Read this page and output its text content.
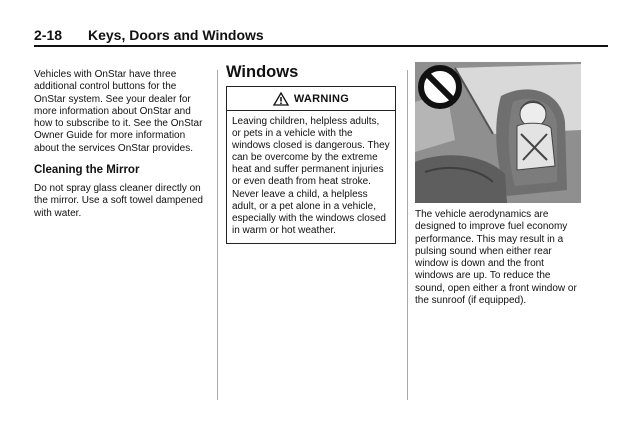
2-18 Keys, Doors and Windows

Vehicles with OnStar have three additional control buttons for the OnStar system. See your dealer for more information about OnStar and how to subscribe to it. See the OnStar Owner Guide for more information about the services OnStar provides.

Cleaning the Mirror

Do not spray glass cleaner directly on the mirror. Use a soft towel dampened with water.

Windows
WARNING
Leaving children, helpless adults, or pets in a vehicle with the windows closed is dangerous. They can be overcome by the extreme heat and suffer permanent injuries or even death from heat stroke. Never leave a child, a helpless adult, or a pet alone in a vehicle, especially with the windows closed in warm or hot weather.

The vehicle aerodynamics are designed to improve fuel economy performance. This may result in a pulsing sound when either rear window is down and the front windows are up. To reduce the sound, open either a front window or the sunroof (if equipped).
